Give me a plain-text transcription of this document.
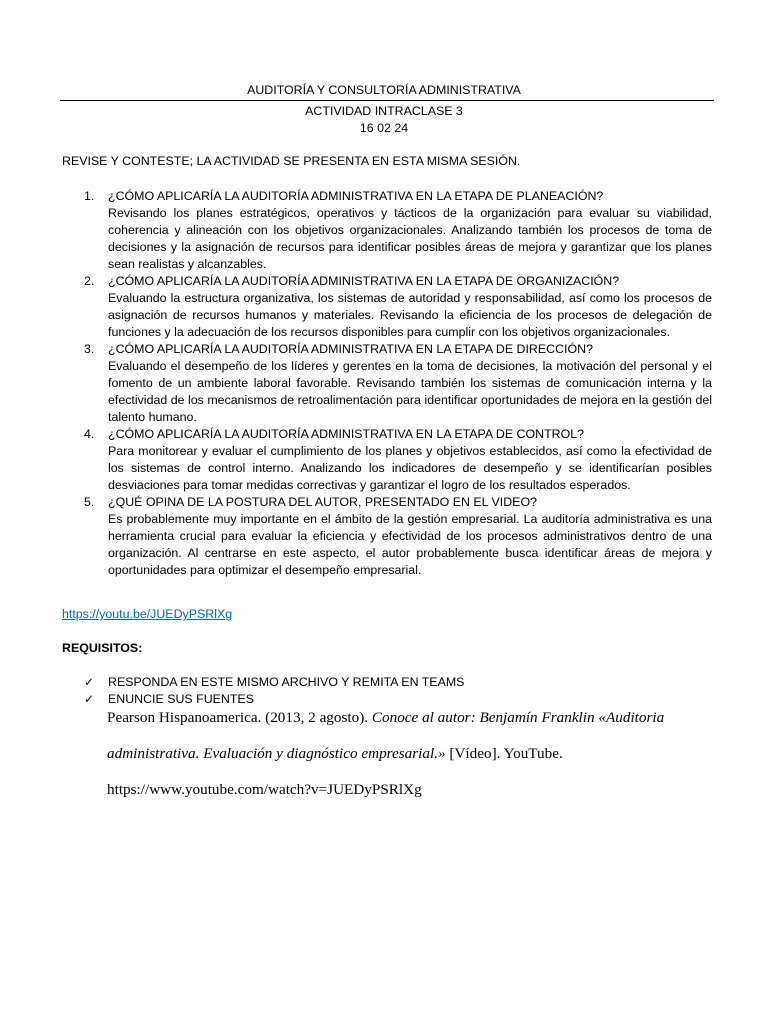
AUDITORÍA Y CONSULTORÍA ADMINISTRATIVA
ACTIVIDAD INTRACLASE 3
16 02 24
REVISE Y CONTESTE; LA ACTIVIDAD SE PRESENTA EN ESTA MISMA SESIÓN.
1. ¿CÓMO APLICARÍA LA AUDITORÍA ADMINISTRATIVA EN LA ETAPA DE PLANEACIÓN?
Revisando los planes estratégicos, operativos y tácticos de la organización para evaluar su viabilidad, coherencia y alineación con los objetivos organizacionales. Analizando también los procesos de toma de decisiones y la asignación de recursos para identificar posibles áreas de mejora y garantizar que los planes sean realistas y alcanzables.
2. ¿CÓMO APLICARÍA LA AUDITORÍA ADMINISTRATIVA EN LA ETAPA DE ORGANIZACIÓN?
Evaluando la estructura organizativa, los sistemas de autoridad y responsabilidad, así como los procesos de asignación de recursos humanos y materiales. Revisando la eficiencia de los procesos de delegación de funciones y la adecuación de los recursos disponibles para cumplir con los objetivos organizacionales.
3. ¿CÓMO APLICARÍA LA AUDITORÍA ADMINISTRATIVA EN LA ETAPA DE DIRECCIÓN?
Evaluando el desempeño de los líderes y gerentes en la toma de decisiones, la motivación del personal y el fomento de un ambiente laboral favorable. Revisando también los sistemas de comunicación interna y la efectividad de los mecanismos de retroalimentación para identificar oportunidades de mejora en la gestión del talento humano.
4. ¿CÓMO APLICARÍA LA AUDITORÍA ADMINISTRATIVA EN LA ETAPA DE CONTROL?
Para monitorear y evaluar el cumplimiento de los planes y objetivos establecidos, así como la efectividad de los sistemas de control interno. Analizando los indicadores de desempeño y se identificarían posibles desviaciones para tomar medidas correctivas y garantizar el logro de los resultados esperados.
5. ¿QUÉ OPINA DE LA POSTURA DEL AUTOR, PRESENTADO EN EL VIDEO?
Es probablemente muy importante en el ámbito de la gestión empresarial. La auditoría administrativa es una herramienta crucial para evaluar la eficiencia y efectividad de los procesos administrativos dentro de una organización. Al centrarse en este aspecto, el autor probablemente busca identificar áreas de mejora y oportunidades para optimizar el desempeño empresarial.
https://youtu.be/JUEDyPSRlXg
REQUISITOS:
✓ RESPONDA EN ESTE MISMO ARCHIVO Y REMITA EN TEAMS
✓ ENUNCIE SUS FUENTES
Pearson Hispanoamerica. (2013, 2 agosto). Conoce al autor: Benjamín Franklin «Auditoria
administrativa. Evaluación y diagnóstico empresarial.» [Vídeo]. YouTube.
https://www.youtube.com/watch?v=JUEDyPSRlXg
